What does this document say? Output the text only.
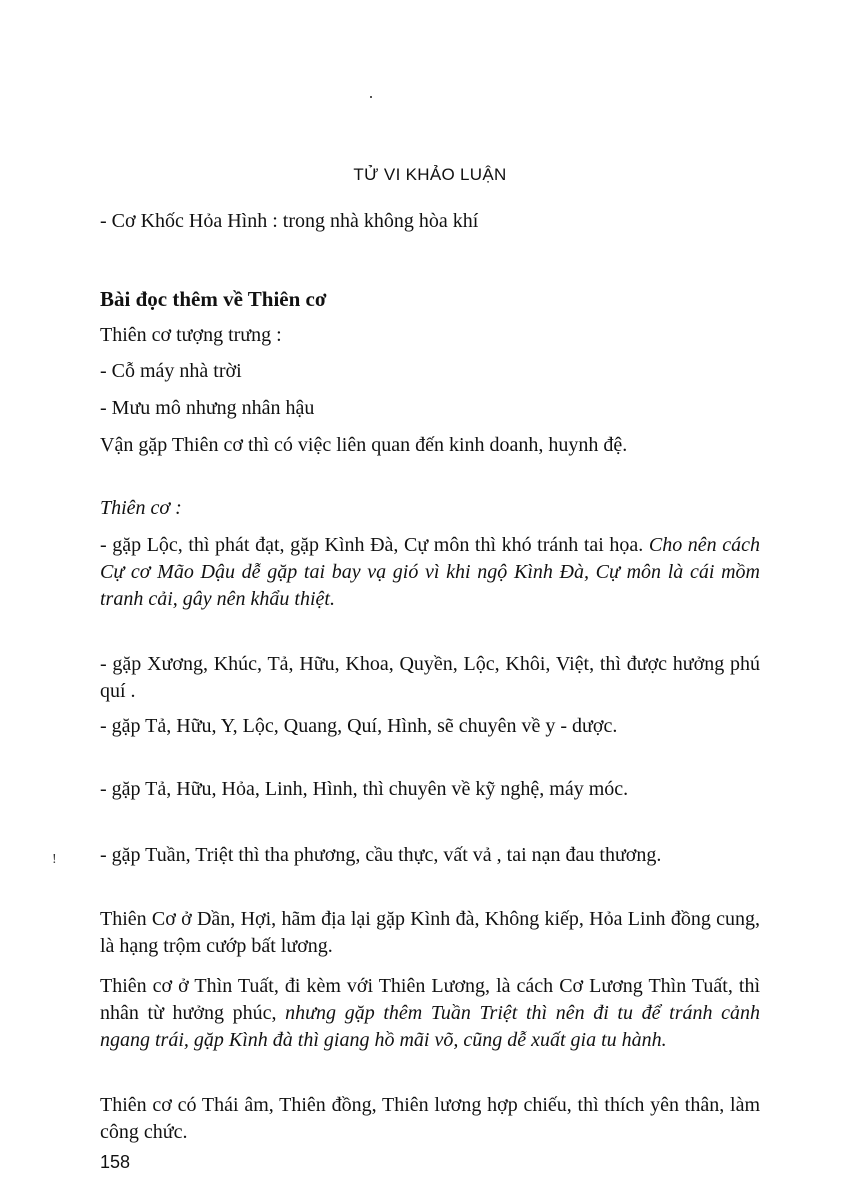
!
TỬ VI KHẢO LUẬN
- Cơ Khốc Hỏa Hình : trong nhà không hòa khí
Bài đọc thêm về Thiên cơ
Thiên cơ tượng trưng :
- Cỗ máy nhà trời
- Mưu mô nhưng nhân hậu
Vận gặp Thiên cơ thì có việc liên quan đến kinh doanh, huynh đệ.
Thiên cơ :
- gặp Lộc, thì phát đạt, gặp Kình Đà, Cự môn thì khó tránh tai họa. Cho nên cách Cự cơ Mão Dậu dễ gặp tai bay vạ gió vì khi ngộ Kình Đà, Cự môn là cái mồm tranh cải, gây nên khẩu thiệt.
- gặp Xương, Khúc, Tả, Hữu, Khoa, Quyền, Lộc, Khôi, Việt, thì được hưởng phú quí .
- gặp Tả, Hữu, Y, Lộc, Quang, Quí, Hình, sẽ chuyên về y - dược.
- gặp Tả, Hữu, Hỏa, Linh, Hình, thì chuyên về kỹ nghệ, máy móc.
- gặp Tuần, Triệt thì tha phương, cầu thực, vất vả , tai nạn đau thương.
Thiên Cơ ở Dần, Hợi, hãm địa lại gặp Kình đà, Không kiếp, Hỏa Linh đồng cung, là hạng trộm cướp bất lương.
Thiên cơ ở Thìn Tuất, đi kèm với Thiên Lương, là cách Cơ Lương Thìn Tuất, thì nhân từ hưởng phúc, nhưng gặp thêm Tuần Triệt thì nên đi tu để tránh cảnh ngang trái, gặp Kình đà thì giang hồ mãi võ, cũng dễ xuất gia tu hành.
Thiên cơ có Thái âm, Thiên đồng, Thiên lương hợp chiếu, thì thích yên thân, làm công chức.
158
